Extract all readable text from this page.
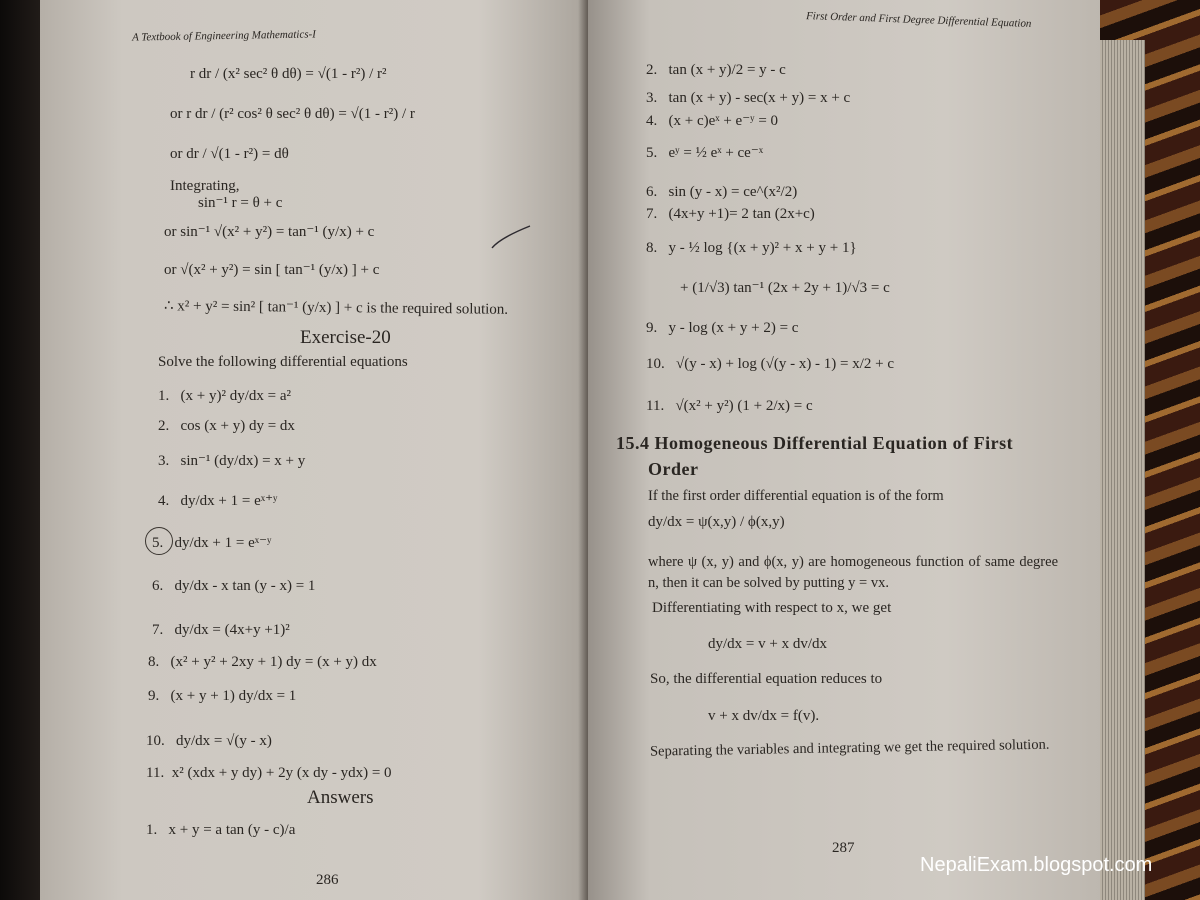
A Textbook of Engineering Mathematics-I
r dr / (x² sec² θ dθ) = √(1 - r²) / r²
or r dr / (r² cos² θ sec² θ dθ) = √(1 - r²) / r
or dr / √(1 - r²) = dθ
Integrating,
sin⁻¹ r = θ + c
or sin⁻¹ √(x² + y²) = tan⁻¹ (y/x) + c
or √(x² + y²) = sin [ tan⁻¹ (y/x) ] + c
∴ x² + y² = sin² [ tan⁻¹ (y/x) ] + c is the required solution.
Exercise-20
Solve the following differential equations
1. (x + y)² dy/dx = a²
2. cos (x + y) dy = dx
3. sin⁻¹ (dy/dx) = x + y
4. dy/dx + 1 = eˣ⁺ʸ
5. dy/dx + 1 = eˣ⁻ʸ
6. dy/dx - x tan (y - x) = 1
7. dy/dx = (4x+y +1)²
8. (x² + y² + 2xy + 1) dy = (x + y) dx
9. (x + y + 1) dy/dx = 1
10. dy/dx = √(y - x)
11. x² (xdx + y dy) + 2y (x dy - ydx) = 0
Answers
1. x + y = a tan (y - c)/a
286
First Order and First Degree Differential Equation
2. tan (x + y)/2 = y - c
3. tan (x + y) - sec(x + y) = x + c
4. (x + c)eˣ + e⁻ʸ = 0
5. eʸ = ½ eˣ + ce⁻ˣ
6. sin (y - x) = ce^(x²/2)
7. (4x+y +1)= 2 tan (2x+c)
8. y - ½ log {(x + y)² + x + y + 1}
+ (1/√3) tan⁻¹ (2x + 2y + 1)/√3 = c
9. y - log (x + y + 2) = c
10. √(y - x) + log (√(y - x) - 1) = x/2 + c
11. √(x² + y²) (1 + 2/x) = c
15.4 Homogeneous Differential Equation of First
Order
If the first order differential equation is of the form
dy/dx = ψ(x,y) / ϕ(x,y)
where ψ (x, y) and ϕ(x, y) are homogeneous function of same degree n, then it can be solved by putting y = vx.
Differentiating with respect to x, we get
dy/dx = v + x dv/dx
So, the differential equation reduces to
v + x dv/dx = f(v).
Separating the variables and integrating we get the required solution.
287
NepaliExam.blogspot.com
